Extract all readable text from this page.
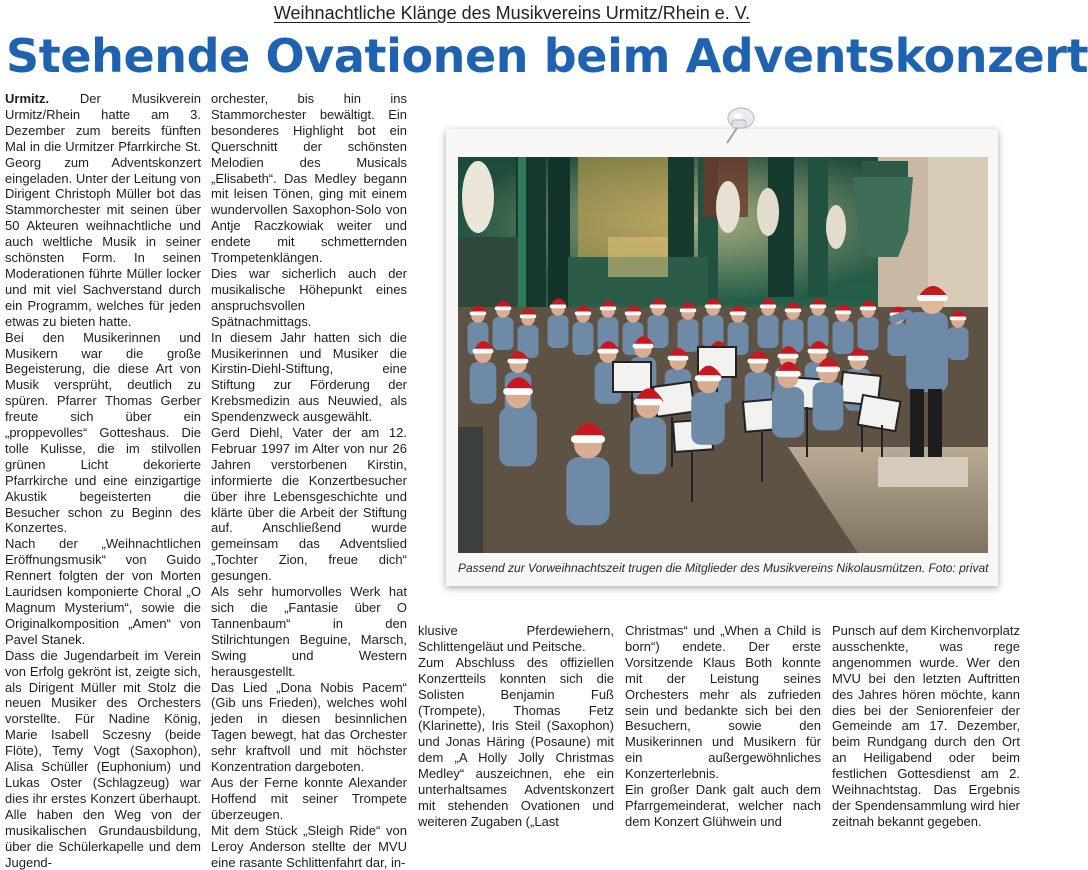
Weihnachtliche Klänge des Musikvereins Urmitz/Rhein e. V.
Stehende Ovationen beim Adventskonzert

Urmitz. Der Musikverein Urmitz/Rhein hatte am 3. Dezember zum bereits fünften Mal in die Urmitzer Pfarrkirche St. Georg zum Adventskonzert eingeladen. Unter der Leitung von Dirigent Christoph Müller bot das Stammorchester mit seinen über 50 Akteuren weihnachtliche und auch weltliche Musik in seiner schönsten Form. In seinen Moderationen führte Müller locker und mit viel Sachverstand durch ein Programm, welches für jeden etwas zu bieten hatte.

Bei den Musikerinnen und Musikern war die große Begeisterung, die diese Art von Musik versprüht, deutlich zu spüren. Pfarrer Thomas Gerber freute sich über ein „proppevolles“ Gotteshaus. Die tolle Kulisse, die im stilvollen grünen Licht dekorierte Pfarrkirche und eine einzigartige Akustik begeisterten die Besucher schon zu Beginn des Konzertes.

Nach der „Weihnachtlichen Eröffnungsmusik“ von Guido Rennert folgten der von Morten Lauridsen komponierte Choral „O Magnum Mysterium“, sowie die Originalkomposition „Amen“ von Pavel Stanek.

Dass die Jugendarbeit im Verein von Erfolg gekrönt ist, zeigte sich, als Dirigent Müller mit Stolz die neuen Musiker des Orchesters vorstellte. Für Nadine König, Marie Isabell Sczesny (beide Flöte), Temy Vogt (Saxophon), Alisa Schüller (Euphonium) und Lukas Oster (Schlagzeug) war dies ihr erstes Konzert überhaupt. Alle haben den Weg von der musikalischen Grundausbildung, über die Schülerkapelle und dem Jugend-

orchester, bis hin ins Stammorchester bewältigt. Ein besonderes Highlight bot ein Querschnitt der schönsten Melodien des Musicals „Elisabeth“. Das Medley begann mit leisen Tönen, ging mit einem wundervollen Saxophon-Solo von Antje Raczkowiak weiter und endete mit schmetternden Trompetenklängen.

Dies war sicherlich auch der musikalische Höhepunkt eines anspruchsvollen Spätnachmittags.

In diesem Jahr hatten sich die Musikerinnen und Musiker die Kirstin-Diehl-Stiftung, eine Stiftung zur Förderung der Krebsmedizin aus Neuwied, als Spendenzweck ausgewählt.

Gerd Diehl, Vater der am 12. Februar 1997 im Alter von nur 26 Jahren verstorbenen Kirstin, informierte die Konzertbesucher über ihre Lebensgeschichte und klärte über die Arbeit der Stiftung auf. Anschließend wurde gemeinsam das Adventslied „Tochter Zion, freue dich“ gesungen.

Als sehr humorvolles Werk hat sich die „Fantasie über O Tannenbaum“ in den Stilrichtungen Beguine, Marsch, Swing und Western herausgestellt.

Das Lied „Dona Nobis Pacem“ (Gib uns Frieden), welches wohl jeden in diesen besinnlichen Tagen bewegt, hat das Orchester sehr kraftvoll und mit höchster Konzentration dargeboten.

Aus der Ferne konnte Alexander Hoffend mit seiner Trompete überzeugen.

Mit dem Stück „Sleigh Ride“ von Leroy Anderson stellte der MVU eine rasante Schlittenfahrt dar, in-

Passend zur Vorweihnachtszeit trugen die Mitglieder des Musikvereins Nikolausmützen. Foto: privat

klusive Pferdewiehern, Schlittengeläut und Peitsche.

Zum Abschluss des offiziellen Konzertteils konnten sich die Solisten Benjamin Fuß (Trompete), Thomas Fetz (Klarinette), Iris Steil (Saxophon) und Jonas Häring (Posaune) mit dem „A Holly Jolly Christmas Medley“ auszeichnen, ehe ein unterhaltsames Adventskonzert mit stehenden Ovationen und weiteren Zugaben („Last

Christmas“ und „When a Child is born“) endete. Der erste Vorsitzende Klaus Both konnte mit der Leistung seines Orchesters mehr als zufrieden sein und bedankte sich bei den Besuchern, sowie den Musikerinnen und Musikern für ein außergewöhnliches Konzerterlebnis.

Ein großer Dank galt auch dem Pfarrgemeinderat, welcher nach dem Konzert Glühwein und

Punsch auf dem Kirchenvorplatz ausschenkte, was rege angenommen wurde. Wer den MVU bei den letzten Auftritten des Jahres hören möchte, kann dies bei der Seniorenfeier der Gemeinde am 17. Dezember, beim Rundgang durch den Ort an Heiligabend oder beim festlichen Gottesdienst am 2. Weihnachtstag. Das Ergebnis der Spendensammlung wird hier zeitnah bekannt gegeben.
